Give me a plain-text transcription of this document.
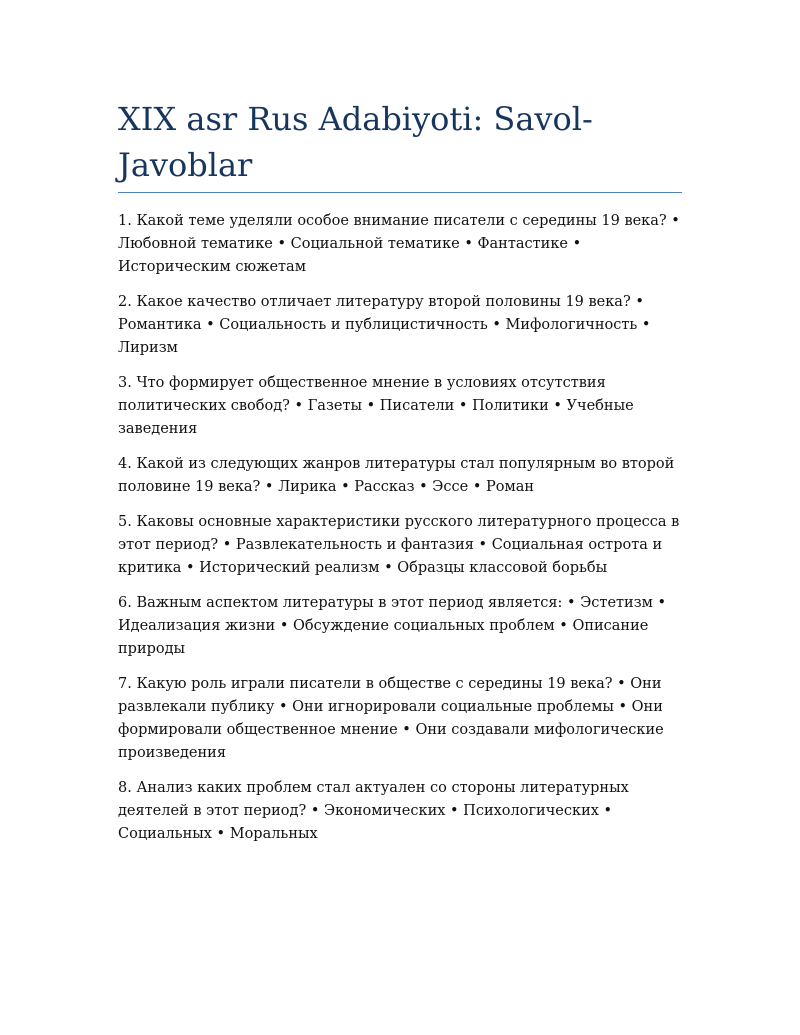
XIX asr Rus Adabiyoti: Savol-Javoblar

1. Какой теме уделяли особое внимание писатели с середины 19 века? • Любовной тематике • Социальной тематике • Фантастике • Историческим сюжетам

2. Какое качество отличает литературу второй половины 19 века? • Романтика • Социальность и публицистичность • Мифологичность • Лиризм

3. Что формирует общественное мнение в условиях отсутствия политических свобод? • Газеты • Писатели • Политики • Учебные заведения

4. Какой из следующих жанров литературы стал популярным во второй половине 19 века? • Лирика • Рассказ • Эссе • Роман

5. Каковы основные характеристики русского литературного процесса в этот период? • Развлекательность и фантазия • Социальная острота и критика • Исторический реализм • Образцы классовой борьбы

6. Важным аспектом литературы в этот период является: • Эстетизм • Идеализация жизни • Обсуждение социальных проблем • Описание природы

7. Какую роль играли писатели в обществе с середины 19 века? • Они развлекали публику • Они игнорировали социальные проблемы • Они формировали общественное мнение • Они создавали мифологические произведения

8. Анализ каких проблем стал актуален со стороны литературных деятелей в этот период? • Экономических • Психологических • Социальных • Моральных
